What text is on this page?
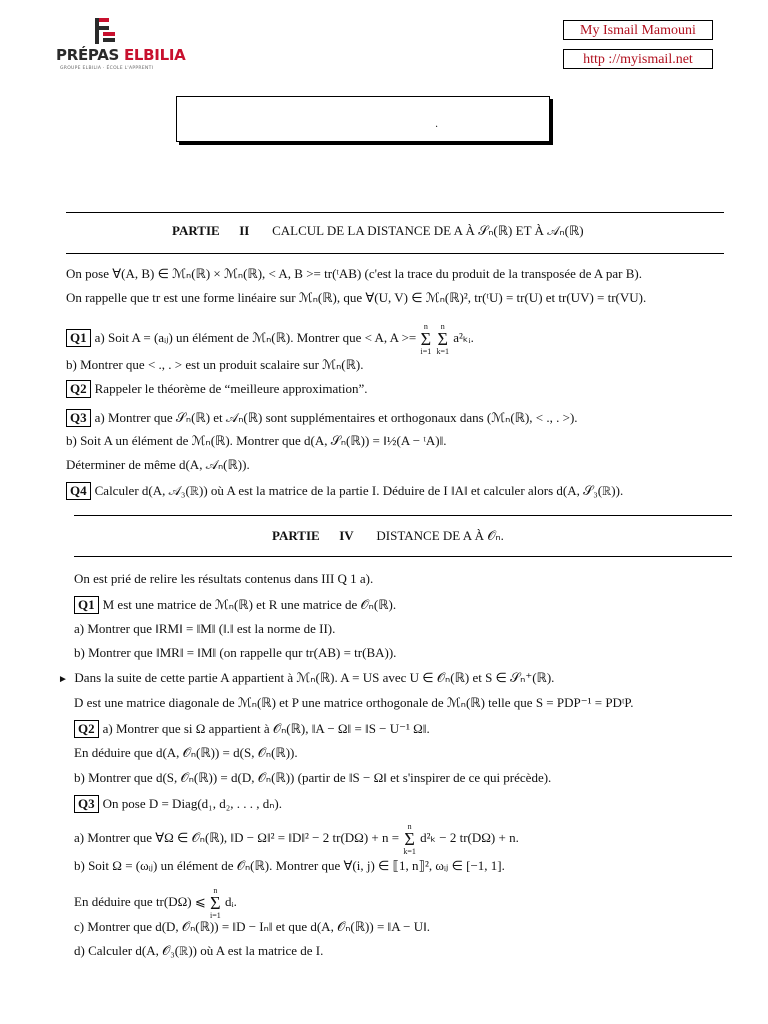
PRÉPAS ELBILIA
GROUPE ELBILIA · ÉCOLE L'APPRENTI
My Ismail Mamouni
http ://myismail.net
.
PARTIE II CALCUL DE LA DISTANCE DE A À 𝒮ₙ(ℝ) ET À 𝒜ₙ(ℝ)
On pose ∀(A, B) ∈ ℳₙ(ℝ) × ℳₙ(ℝ), < A, B >= tr(ᵗAB) (c'est la trace du produit de la transposée de A par B).
On rappelle que tr est une forme linéaire sur ℳₙ(ℝ), que ∀(U, V) ∈ ℳₙ(ℝ)², tr(ᵗU) = tr(U) et tr(UV) = tr(VU).
Q1 a) Soit A = (aᵢⱼ) un élément de ℳₙ(ℝ). Montrer que < A, A >=
n
Σ
i=1

n
Σ
k=1
a²ₖᵢ.
b) Montrer que < ., . > est un produit scalaire sur ℳₙ(ℝ).
Q2 Rappeler le théorème de “meilleure approximation”.
Q3 a) Montrer que 𝒮ₙ(ℝ) et 𝒜ₙ(ℝ) sont supplémentaires et orthogonaux dans (ℳₙ(ℝ), < ., . >).
b) Soit A un élément de ℳₙ(ℝ). Montrer que d(A, 𝒮ₙ(ℝ)) = ‖½(A − ᵗA)‖.
Déterminer de même d(A, 𝒜ₙ(ℝ)).
Q4 Calculer d(A, 𝒜₃(ℝ)) où A est la matrice de la partie I. Déduire de I ‖A‖ et calculer alors d(A, 𝒮₃(ℝ)).
PARTIE IV DISTANCE DE A À 𝒪ₙ.
On est prié de relire les résultats contenus dans III Q 1 a).
Q1 M est une matrice de ℳₙ(ℝ) et R une matrice de 𝒪ₙ(ℝ).
a) Montrer que ‖RM‖ = ‖M‖ (‖.‖ est la norme de II).
b) Montrer que ‖MR‖ = ‖M‖ (on rappelle qur tr(AB) = tr(BA)).
► Dans la suite de cette partie A appartient à ℳₙ(ℝ). A = US avec U ∈ 𝒪ₙ(ℝ) et S ∈ 𝒮ₙ⁺(ℝ).
D est une matrice diagonale de ℳₙ(ℝ) et P une matrice orthogonale de ℳₙ(ℝ) telle que S = PDP⁻¹ = PDᵗP.
Q2 a) Montrer que si Ω appartient à 𝒪ₙ(ℝ), ‖A − Ω‖ = ‖S − U⁻¹ Ω‖.
En déduire que d(A, 𝒪ₙ(ℝ)) = d(S, 𝒪ₙ(ℝ)).
b) Montrer que d(S, 𝒪ₙ(ℝ)) = d(D, 𝒪ₙ(ℝ)) (partir de ‖S − Ω‖ et s'inspirer de ce qui précède).
Q3 On pose D = Diag(d₁, d₂, . . . , dₙ).
a) Montrer que ∀Ω ∈ 𝒪ₙ(ℝ), ‖D − Ω‖² = ‖D‖² − 2 tr(DΩ) + n =
n
Σ
k=1
d²ₖ − 2 tr(DΩ) + n.
b) Soit Ω = (ωᵢⱼ) un élément de 𝒪ₙ(ℝ). Montrer que ∀(i, j) ∈ ⟦1, n⟧², ωᵢⱼ ∈ [−1, 1].
En déduire que tr(DΩ) ⩽
n
Σ
i=1
dᵢ.
c) Montrer que d(D, 𝒪ₙ(ℝ)) = ‖D − Iₙ‖ et que d(A, 𝒪ₙ(ℝ)) = ‖A − U‖.
d) Calculer d(A, 𝒪₃(ℝ)) où A est la matrice de I.
